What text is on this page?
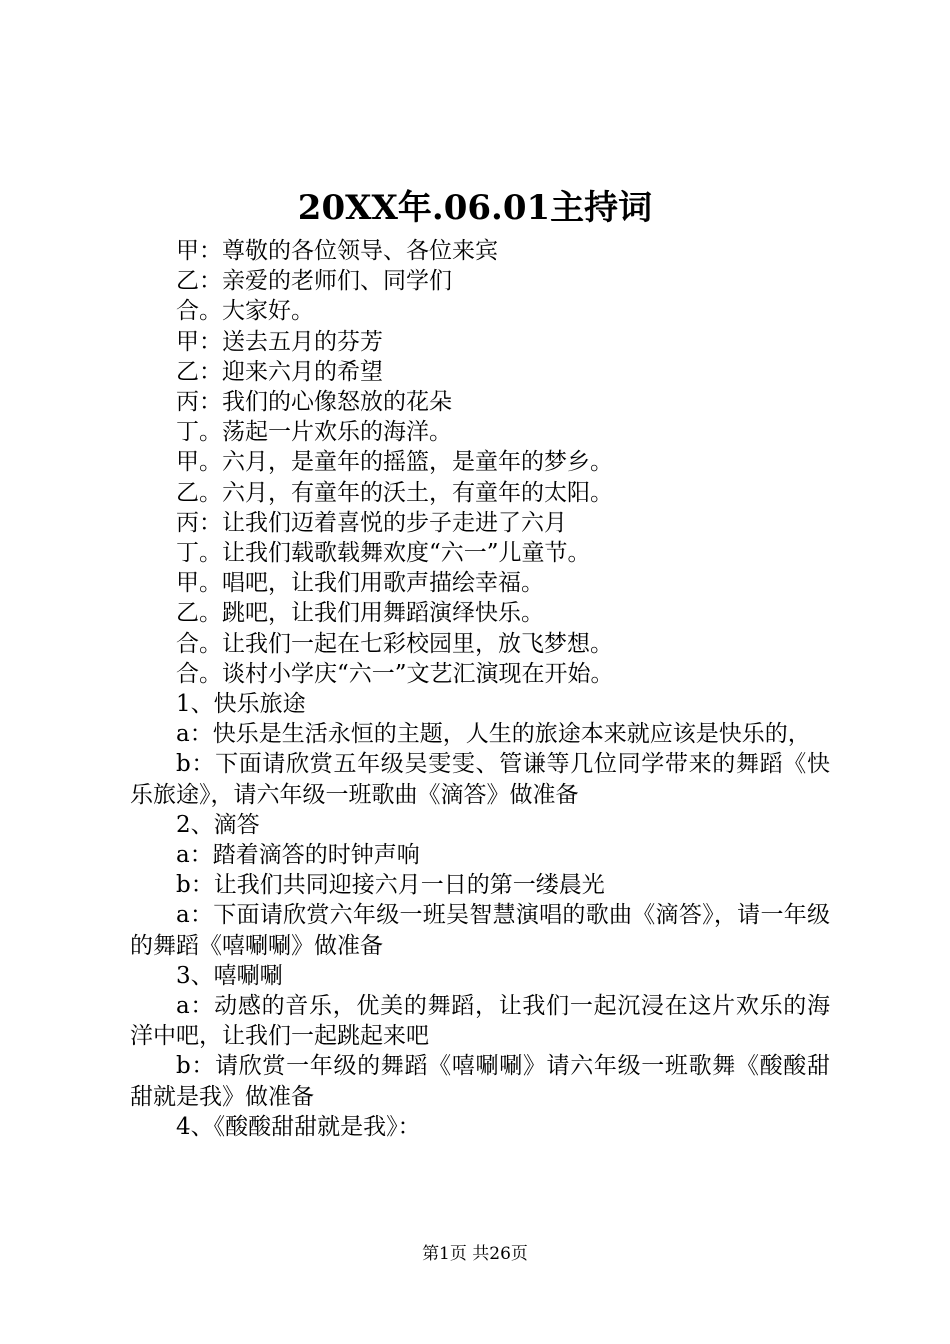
20XX年.06.01主持词
甲：尊敬的各位领导、各位来宾
乙：亲爱的老师们、同学们
合。大家好。
甲：送去五月的芬芳
乙：迎来六月的希望
丙：我们的心像怒放的花朵
丁。荡起一片欢乐的海洋。
甲。六月，是童年的摇篮，是童年的梦乡。
乙。六月，有童年的沃土，有童年的太阳。
丙：让我们迈着喜悦的步子走进了六月
丁。让我们载歌载舞欢度“六一”儿童节。
甲。唱吧，让我们用歌声描绘幸福。
乙。跳吧，让我们用舞蹈演绎快乐。
合。让我们一起在七彩校园里，放飞梦想。
合。谈村小学庆“六一”文艺汇演现在开始。
1、快乐旅途
a：快乐是生活永恒的主题，人生的旅途本来就应该是快乐的，
b：下面请欣赏五年级吴雯雯、管谦等几位同学带来的舞蹈《快乐旅途》，请六年级一班歌曲《滴答》做准备
2、滴答
a：踏着滴答的时钟声响
b：让我们共同迎接六月一日的第一缕晨光
a：下面请欣赏六年级一班吴智慧演唱的歌曲《滴答》，请一年级的舞蹈《嘻唰唰》做准备
3、嘻唰唰
a：动感的音乐，优美的舞蹈，让我们一起沉浸在这片欢乐的海洋中吧，让我们一起跳起来吧
b：请欣赏一年级的舞蹈《嘻唰唰》请六年级一班歌舞《酸酸甜甜就是我》做准备
4、《酸酸甜甜就是我》：
第1页 共26页
